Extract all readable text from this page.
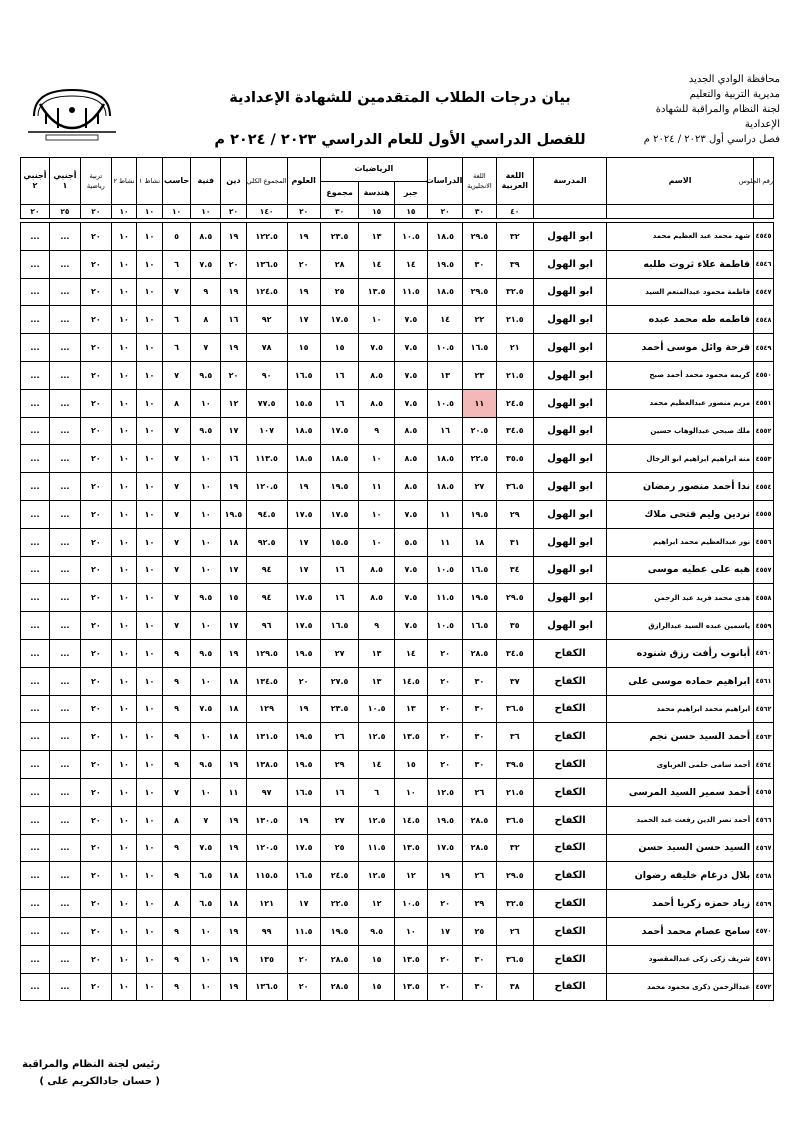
محافظة الوادي الجديد
مديرية التربية والتعليم
لجنة النظام والمراقبة للشهادة الإعدادية
فصل دراسي أول ٢٠٢٣ / ٢٠٢٤ م
بيان درجات الطلاب المتقدمين للشهادة الإعدادية
للفصل الدراسي الأول للعام الدراسي ٢٠٢٣ / ٢٠٢٤ م
رقم الجلوس	الاسم	المدرسة	اللغة العربية	اللغة الانجليزية	الدراسات	الرياضيات			العلوم	المجموع الكلي	دين	فنية	حاسب	نشاط ١	نشاط ٢	تربية رياضية	أجنبي ١	أجنبي ٢
						جبر	هندسة	مجموع										
			٤٠	٣٠	٢٠	١٥	١٥	٣٠	٢٠	١٤٠	٢٠	١٠	١٠	١٠	١٠	٢٠	٢٥	٢٠

٤٥٤٥	شهد محمد عبد العظيم محمد	ابو الهول	٣٢	٢٩.٥	١٨.٥	١٠.٥	١٣	٢٣.٥	١٩	١٢٢.٥	١٩	٨.٥	٥	١٠	١٠	٢٠	...	...
٤٥٤٦	فاطمة علاء ثروت طلبه	ابو الهول	٣٩	٣٠	١٩.٥	١٤	١٤	٢٨	٢٠	١٣٦.٥	٢٠	٧.٥	٦	١٠	١٠	٢٠	...	...
٤٥٤٧	فاطمة محمود عبدالمنعم السيد	ابو الهول	٣٢.٥	٢٩.٥	١٨.٥	١١.٥	١٣.٥	٢٥	١٩	١٢٤.٥	١٩	٩	٧	١٠	١٠	٢٠	...	...
٤٥٤٨	فاطمه طه محمد عبده	ابو الهول	٢١.٥	٢٢	١٤	٧.٥	١٠	١٧.٥	١٧	٩٢	١٦	٨	٦	١٠	١٠	٢٠	...	...
٤٥٤٩	فرحة وائل موسى أحمد	ابو الهول	٢١	١٦.٥	١٠.٥	٧.٥	٧.٥	١٥	١٥	٧٨	١٩	٧	٦	١٠	١٠	٢٠	...	...
٤٥٥٠	كريمه محمود محمد أحمد صبح	ابو الهول	٢١.٥	٢٣	١٣	٧.٥	٨.٥	١٦	١٦.٥	٩٠	٢٠	٩.٥	٧	١٠	١٠	٢٠	...	...
٤٥٥١	مريم منصور عبدالعظيم محمد	ابو الهول	٢٤.٥	١١	١٠.٥	٧.٥	٨.٥	١٦	١٥.٥	٧٧.٥	١٢	١٠	٨	١٠	١٠	٢٠	...	...
٤٥٥٢	ملك صبحي عبدالوهاب حسين	ابو الهول	٣٤.٥	٢٠.٥	١٦	٨.٥	٩	١٧.٥	١٨.٥	١٠٧	١٧	٩.٥	٧	١٠	١٠	٢٠	...	...
٤٥٥٣	منه ابراهيم ابراهيم ابو الرجال	ابو الهول	٣٥.٥	٢٢.٥	١٨.٥	٨.٥	١٠	١٨.٥	١٨.٥	١١٣.٥	١٦	١٠	٧	١٠	١٠	٢٠	...	...
٤٥٥٤	ندا أحمد منصور رمضان	ابو الهول	٣٦.٥	٢٧	١٨.٥	٨.٥	١١	١٩.٥	١٩	١٢٠.٥	١٩	١٠	٧	١٠	١٠	٢٠	...	...
٤٥٥٥	نردين وليم فتحى ملاك	ابو الهول	٢٩	١٩.٥	١١	٧.٥	١٠	١٧.٥	١٧.٥	٩٤.٥	١٩.٥	١٠	٧	١٠	١٠	٢٠	...	...
٤٥٥٦	نور عبدالعظيم محمد ابراهيم	ابو الهول	٣١	١٨	١١	٥.٥	١٠	١٥.٥	١٧	٩٢.٥	١٨	١٠	٧	١٠	١٠	٢٠	...	...
٤٥٥٧	هبه على عطيه موسى	ابو الهول	٣٤	١٦.٥	١٠.٥	٧.٥	٨.٥	١٦	١٧	٩٤	١٧	١٠	٧	١٠	١٠	٢٠	...	...
٤٥٥٨	هدى محمد فريد عبد الرحمن	ابو الهول	٢٩.٥	١٩.٥	١١.٥	٧.٥	٨.٥	١٦	١٧.٥	٩٤	١٥	٩.٥	٧	١٠	١٠	٢٠	...	...
٤٥٥٩	ياسمين عبده السيد عبدالرازق	ابو الهول	٣٥	١٦.٥	١٠.٥	٧.٥	٩	١٦.٥	١٧.٥	٩٦	١٧	١٠	٧	١٠	١٠	٢٠	...	...
٤٥٦٠	أبانوب رأفت رزق شنوده	الكفاح	٣٤.٥	٢٨.٥	٢٠	١٤	١٣	٢٧	١٩.٥	١٢٩.٥	١٩	٩.٥	٩	١٠	١٠	٢٠	...	...
٤٥٦١	ابراهيم حماده موسى على	الكفاح	٣٧	٣٠	٢٠	١٤.٥	١٣	٢٧.٥	٢٠	١٣٤.٥	١٨	١٠	٩	١٠	١٠	٢٠	...	...
٤٥٦٢	ابراهيم محمد ابراهيم محمد	الكفاح	٣٦.٥	٣٠	٢٠	١٣	١٠.٥	٢٣.٥	١٩	١٢٩	١٨	٧.٥	٩	١٠	١٠	٢٠	...	...
٤٥٦٣	أحمد السيد حسن نجم	الكفاح	٣٦	٣٠	٢٠	١٣.٥	١٢.٥	٢٦	١٩.٥	١٣١.٥	١٨	١٠	٩	١٠	١٠	٢٠	...	...
٤٥٦٤	أحمد سامى حلمى العرباوى	الكفاح	٣٩.٥	٣٠	٢٠	١٥	١٤	٢٩	١٩.٥	١٣٨.٥	١٩	٩.٥	٩	١٠	١٠	٢٠	...	...
٤٥٦٥	أحمد سمير السيد المرسى	الكفاح	٢١.٥	٢٦	١٢.٥	١٠	٦	١٦	١٦.٥	٩٧	١١	١٠	٧	١٠	١٠	٢٠	...	...
٤٥٦٦	أحمد نصر الدين رفعت عبد الحميد	الكفاح	٣٦.٥	٢٨.٥	١٩.٥	١٤.٥	١٢.٥	٢٧	١٩	١٣٠.٥	١٩	٧	٨	١٠	١٠	٢٠	...	...
٤٥٦٧	السيد حسن السيد حسن	الكفاح	٣٢	٢٨.٥	١٧.٥	١٣.٥	١١.٥	٢٥	١٧.٥	١٢٠.٥	١٩	٧.٥	٩	١٠	١٠	٢٠	...	...
٤٥٦٨	بلال درغام خليفه رضوان	الكفاح	٢٩.٥	٢٦	١٩	١٢	١٢.٥	٢٤.٥	١٦.٥	١١٥.٥	١٨	٦.٥	٩	١٠	١٠	٢٠	...	...
٤٥٦٩	زياد حمزه زكريا أحمد	الكفاح	٣٢.٥	٢٩	٢٠	١٠.٥	١٢	٢٢.٥	١٧	١٢١	١٨	٦.٥	٨	١٠	١٠	٢٠	...	...
٤٥٧٠	سامح عصام محمد أحمد	الكفاح	٢٦	٢٥	١٧	١٠	٩.٥	١٩.٥	١١.٥	٩٩	١٩	١٠	٩	١٠	١٠	٢٠	...	...
٤٥٧١	شريف زكى زكى عبدالمقصود	الكفاح	٣٦.٥	٣٠	٢٠	١٣.٥	١٥	٢٨.٥	٢٠	١٣٥	١٩	١٠	٩	١٠	١٠	٢٠	...	...
٤٥٧٢	عبدالرحمن ذكرى محمود محمد	الكفاح	٣٨	٣٠	٢٠	١٣.٥	١٥	٢٨.٥	٢٠	١٣٦.٥	١٩	١٠	٩	١٠	١٠	٢٠	...	...
رئيس لجنة النظام والمراقبة
( حسان جادالكريم على )
